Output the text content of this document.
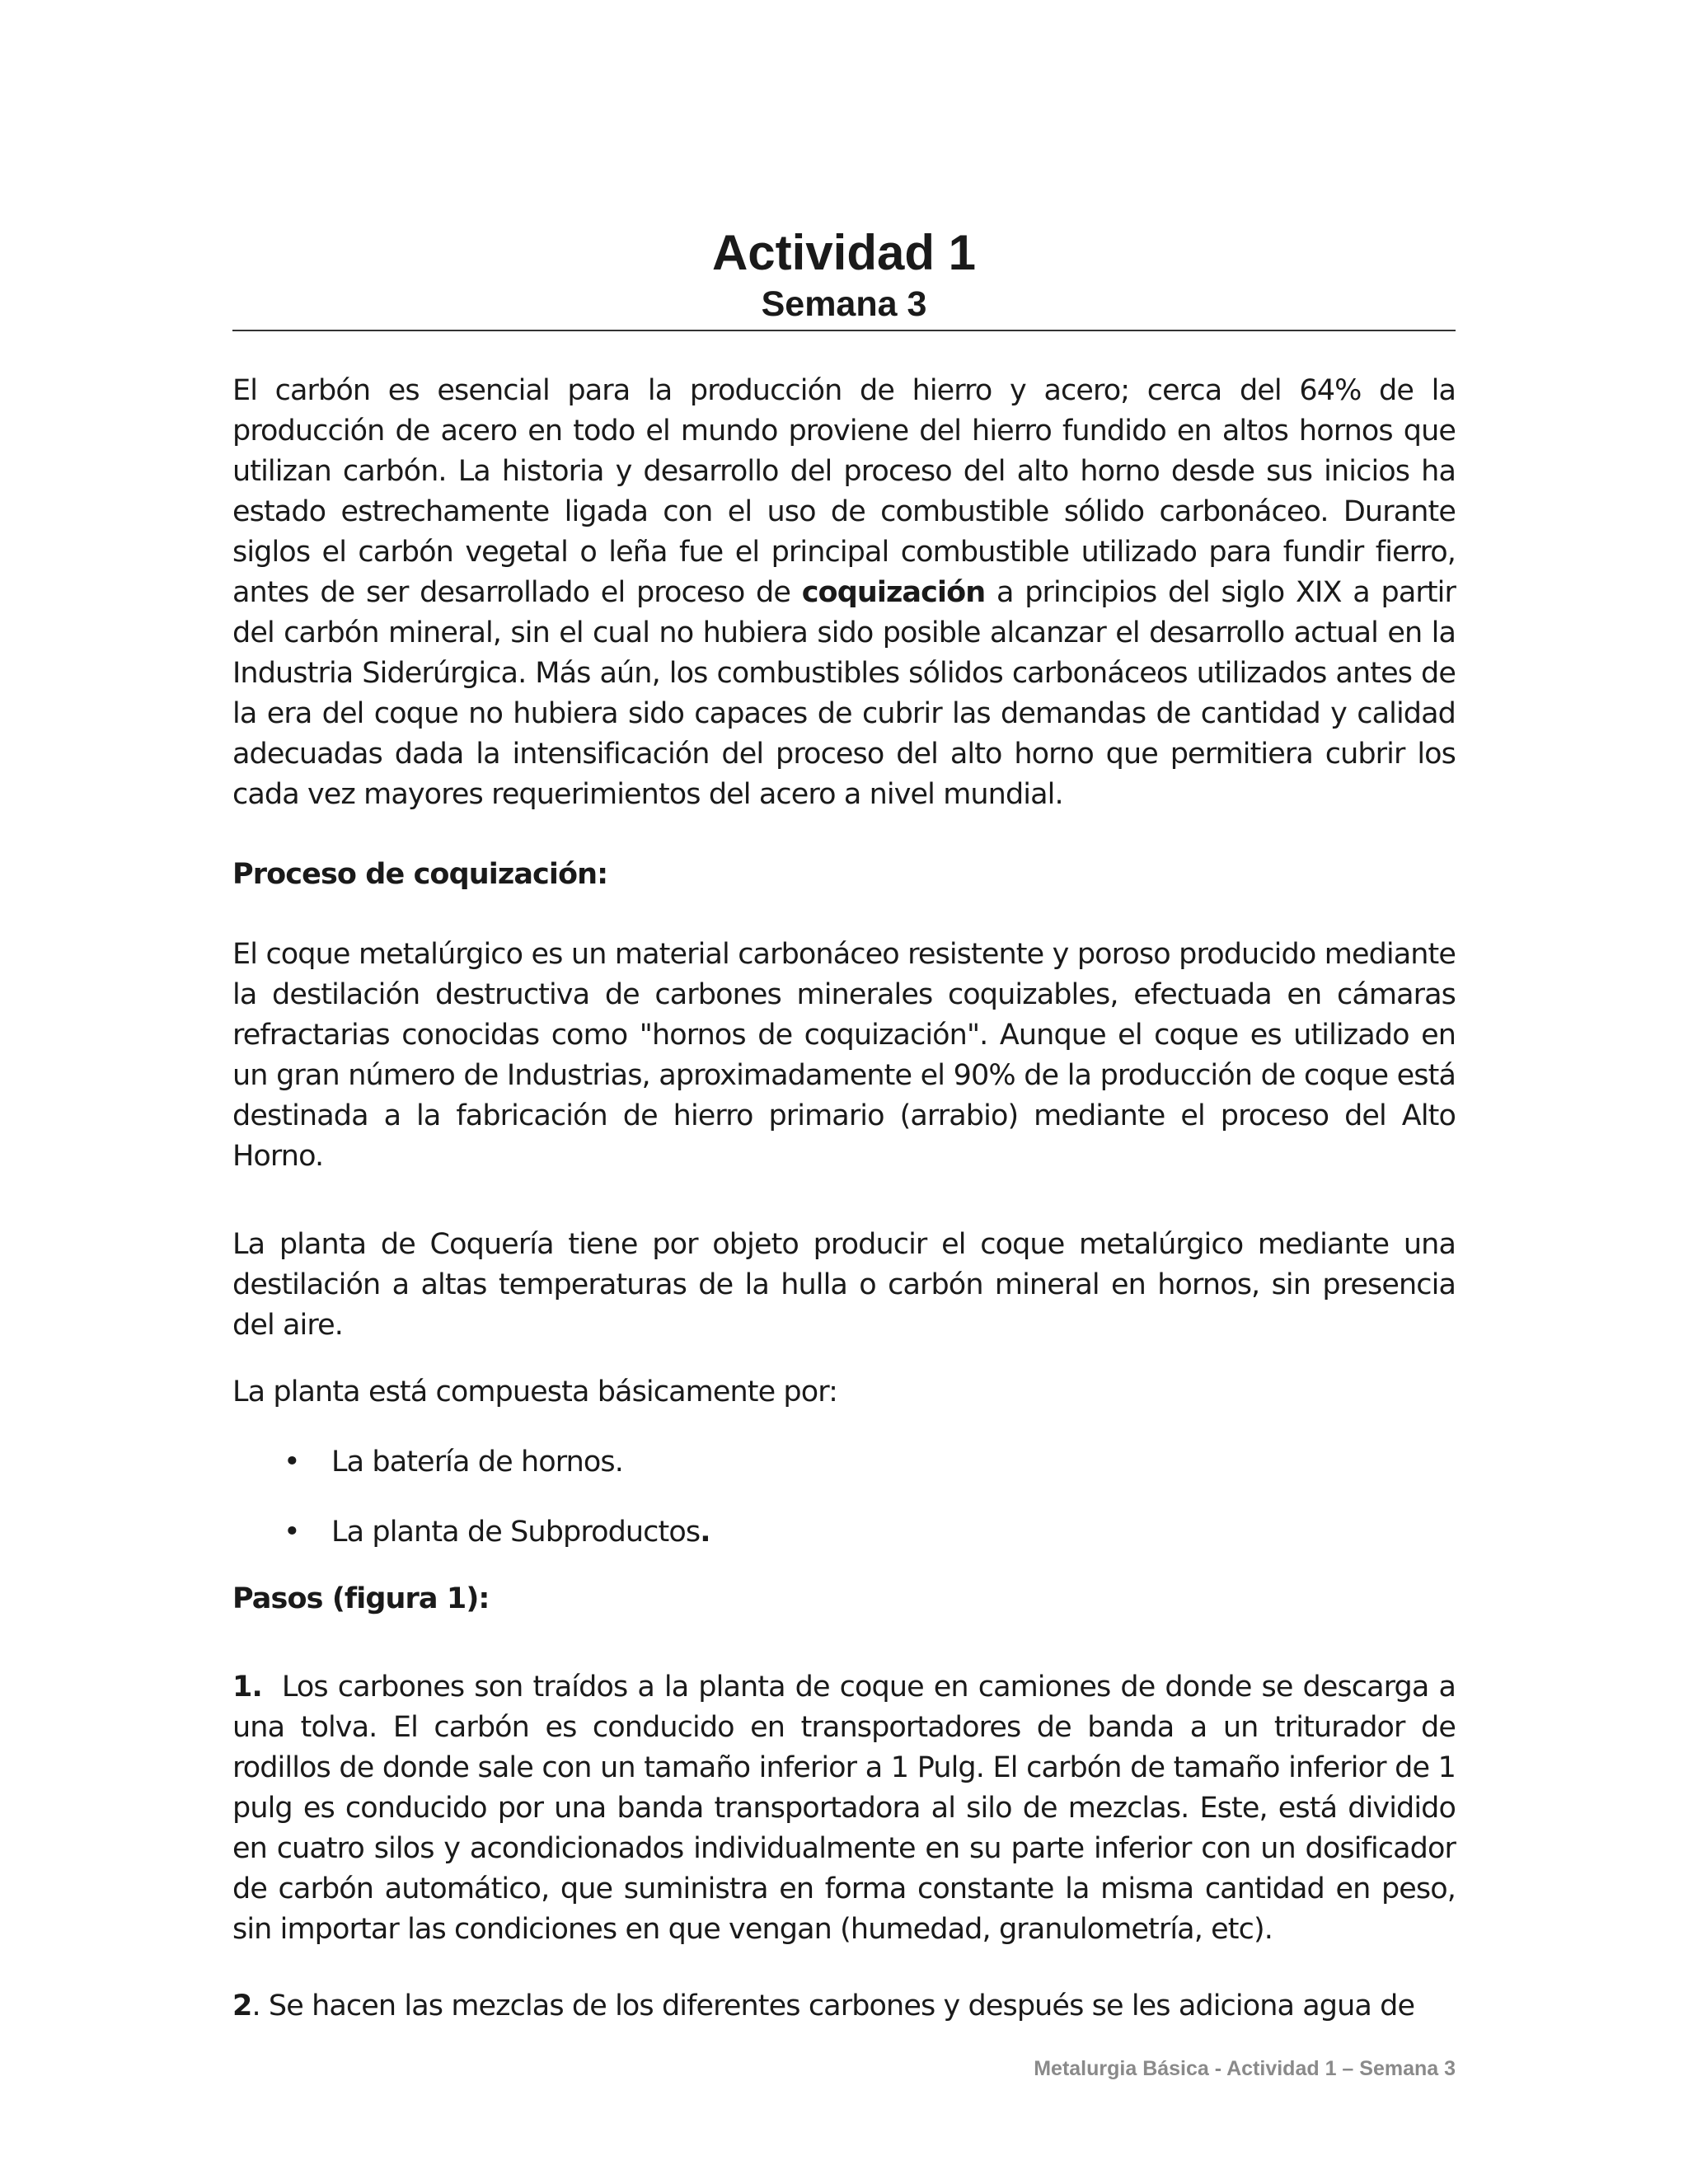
Actividad 1
Semana 3

El carbón es esencial para la producción de hierro y acero; cerca del 64% de la producción de acero en todo el mundo proviene del hierro fundido en altos hornos que utilizan carbón. La historia y desarrollo del proceso del alto horno desde sus inicios ha estado estrechamente ligada con el uso de combustible sólido carbonáceo. Durante siglos el carbón vegetal o leña fue el principal combustible utilizado para fundir fierro, antes de ser desarrollado el proceso de coquización a principios del siglo XIX a partir del carbón mineral, sin el cual no hubiera sido posible alcanzar el desarrollo actual en la Industria Siderúrgica. Más aún, los combustibles sólidos carbonáceos utilizados antes de la era del coque no hubiera sido capaces de cubrir las demandas de cantidad y calidad adecuadas dada la intensificación del proceso del alto horno que permitiera cubrir los cada vez mayores requerimientos del acero a nivel mundial.

Proceso de coquización:

El coque metalúrgico es un material carbonáceo resistente y poroso producido mediante la destilación destructiva de carbones minerales coquizables, efectuada en cámaras refractarias conocidas como "hornos de coquización". Aunque el coque es utilizado en un gran número de Industrias, aproximadamente el 90% de la producción de coque está destinada a la fabricación de hierro primario (arrabio) mediante el proceso del Alto Horno.

La planta de Coquería tiene por objeto producir el coque metalúrgico mediante una destilación a altas temperaturas de la hulla o carbón mineral en hornos, sin presencia del aire.

La planta está compuesta básicamente por:

• La batería de hornos.
• La planta de Subproductos.

Pasos (figura 1):

1.  Los carbones son traídos a la planta de coque en camiones de donde se descarga a una tolva. El carbón es conducido en transportadores de banda a un triturador de rodillos de donde sale con un tamaño inferior a 1 Pulg. El carbón de tamaño inferior de 1 pulg es conducido por una banda transportadora al silo de mezclas. Este, está dividido en cuatro silos y acondicionados individualmente en su parte inferior con un dosificador de carbón automático, que suministra en forma constante la misma cantidad en peso, sin importar las condiciones en que vengan (humedad, granulometría, etc).

2. Se hacen las mezclas de los diferentes carbones y después se les adiciona agua de

Metalurgia Básica - Actividad 1 – Semana 3
